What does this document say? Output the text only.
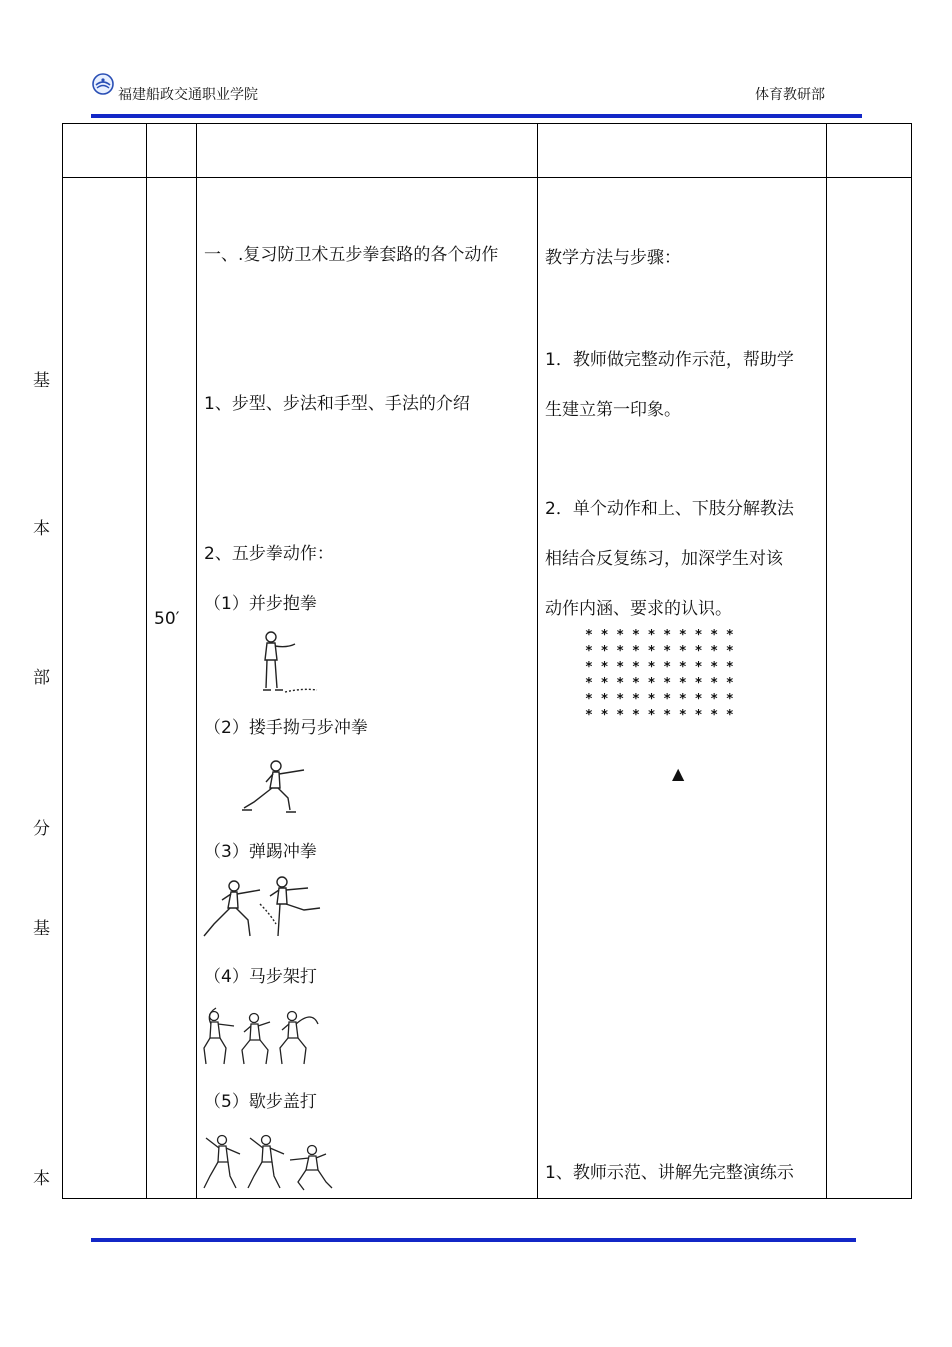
福建船政交通职业学院	体育教研部
基
本
部
分
基
本
50′
一、.复习防卫术五步拳套路的各个动作
1、步型、步法和手型、手法的介绍
2、五步拳动作：
（1）并步抱拳
（2）搂手拗弓步冲拳
（3）弹踢冲拳
（4）马步架打
（5）歇步盖打
教学方法与步骤：
1．教师做完整动作示范，帮助学
生建立第一印象。
2．单个动作和上、下肢分解教法
相结合反复练习，加深学生对该
动作内涵、要求的认识。
* * * * * * * * * *
* * * * * * * * * *
* * * * * * * * * *
* * * * * * * * * *
* * * * * * * * * *
* * * * * * * * * *
▲
1、教师示范、讲解先完整演练示
